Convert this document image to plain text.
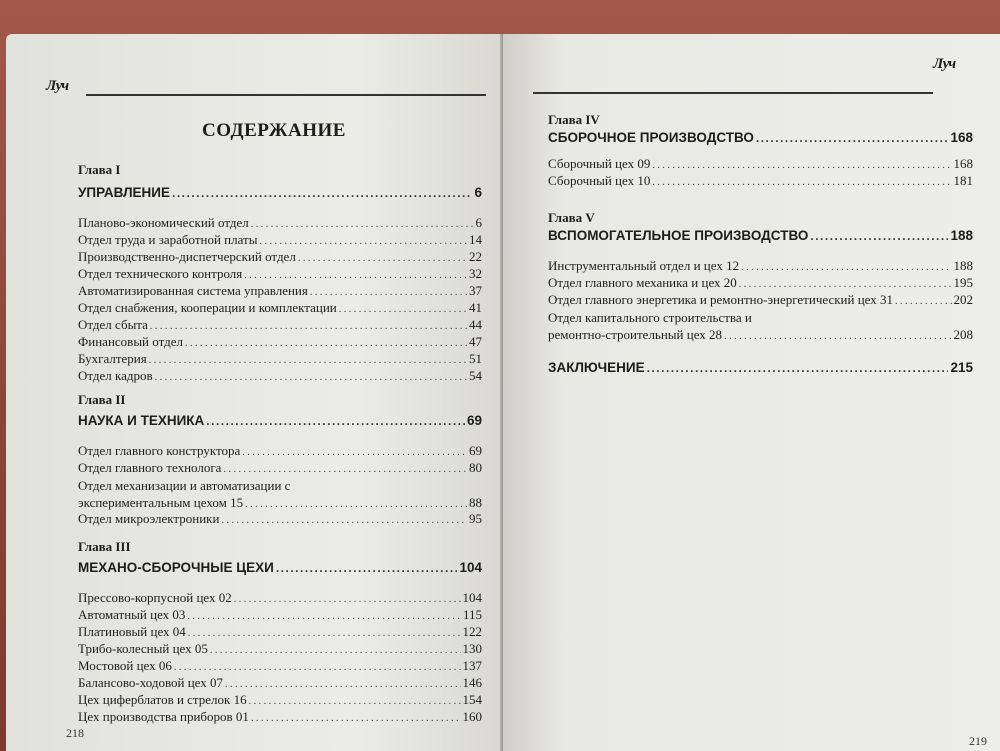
Луч
СОДЕРЖАНИЕ
Глава I
УПРАВЛЕНИЕ .....	6
Планово-экономический отдел . . .	6
Отдел труда и заработной платы . . .	14
Производственно-диспетчерский отдел . . .	22
Отдел технического контроля . . .	32
Автоматизированная система управления . . .	37
Отдел снабжения, кооперации и комплектации . . .	41
Отдел сбыта . . .	44
Финансовый отдел . . .	47
Бухгалтерия . . .	51
Отдел кадров . . .	54
Глава II
НАУКА И ТЕХНИКА .....	69
Отдел главного конструктора . . .	69
Отдел главного технолога . . .	80
Отдел механизации и автоматизации с
экспериментальным цехом 15 . . .	88
Отдел микроэлектроники . . .	95
Глава III
МЕХАНО-СБОРОЧНЫЕ ЦЕХИ .....	104
Прессово-корпусной цех 02 . . .	104
Автоматный цех 03 . . .	115
Платиновый цех 04 . . .	122
Трибо-колесный цех 05 . . .	130
Мостовой цех 06 . . .	137
Балансово-ходовой цех 07 . . .	146
Цех циферблатов и стрелок 16 . . .	154
Цех производства приборов 01 . . .	160
218
Луч
Глава IV
СБОРОЧНОЕ ПРОИЗВОДСТВО .....	168
Сборочный цех 09 . . .	168
Сборочный цех 10 . . .	181
Глава V
ВСПОМОГАТЕЛЬНОЕ ПРОИЗВОДСТВО .....	188
Инструментальный отдел и цех 12 . . .	188
Отдел главного механика и цех 20 . . .	195
Отдел главного энергетика и ремонтно-энергетический цех 31 . . .	202
Отдел капитального строительства и
ремонтно-строительный цех 28 . . .	208
ЗАКЛЮЧЕНИЕ .....	215
219
